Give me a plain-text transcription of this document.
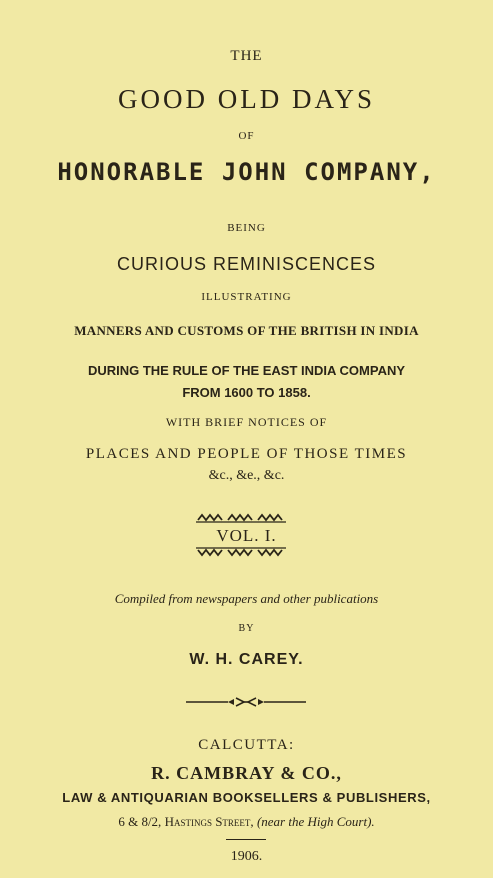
THE
GOOD OLD DAYS
OF
HONORABLE JOHN COMPANY,
BEING
CURIOUS REMINISCENCES
ILLUSTRATING
MANNERS AND CUSTOMS OF THE BRITISH IN INDIA
DURING THE RULE OF THE EAST INDIA COMPANY
FROM 1600 TO 1858.
WITH BRIEF NOTICES OF
PLACES AND PEOPLE OF THOSE TIMES
&c., &e., &c.
VOL. I.
Compiled from newspapers and other publications
BY
W. H. CAREY.
CALCUTTA:
R. CAMBRAY & CO.,
LAW & ANTIQUARIAN BOOKSELLERS & PUBLISHERS,
6 & 8/2, Hastings Street, (near the High Court).
1906.
